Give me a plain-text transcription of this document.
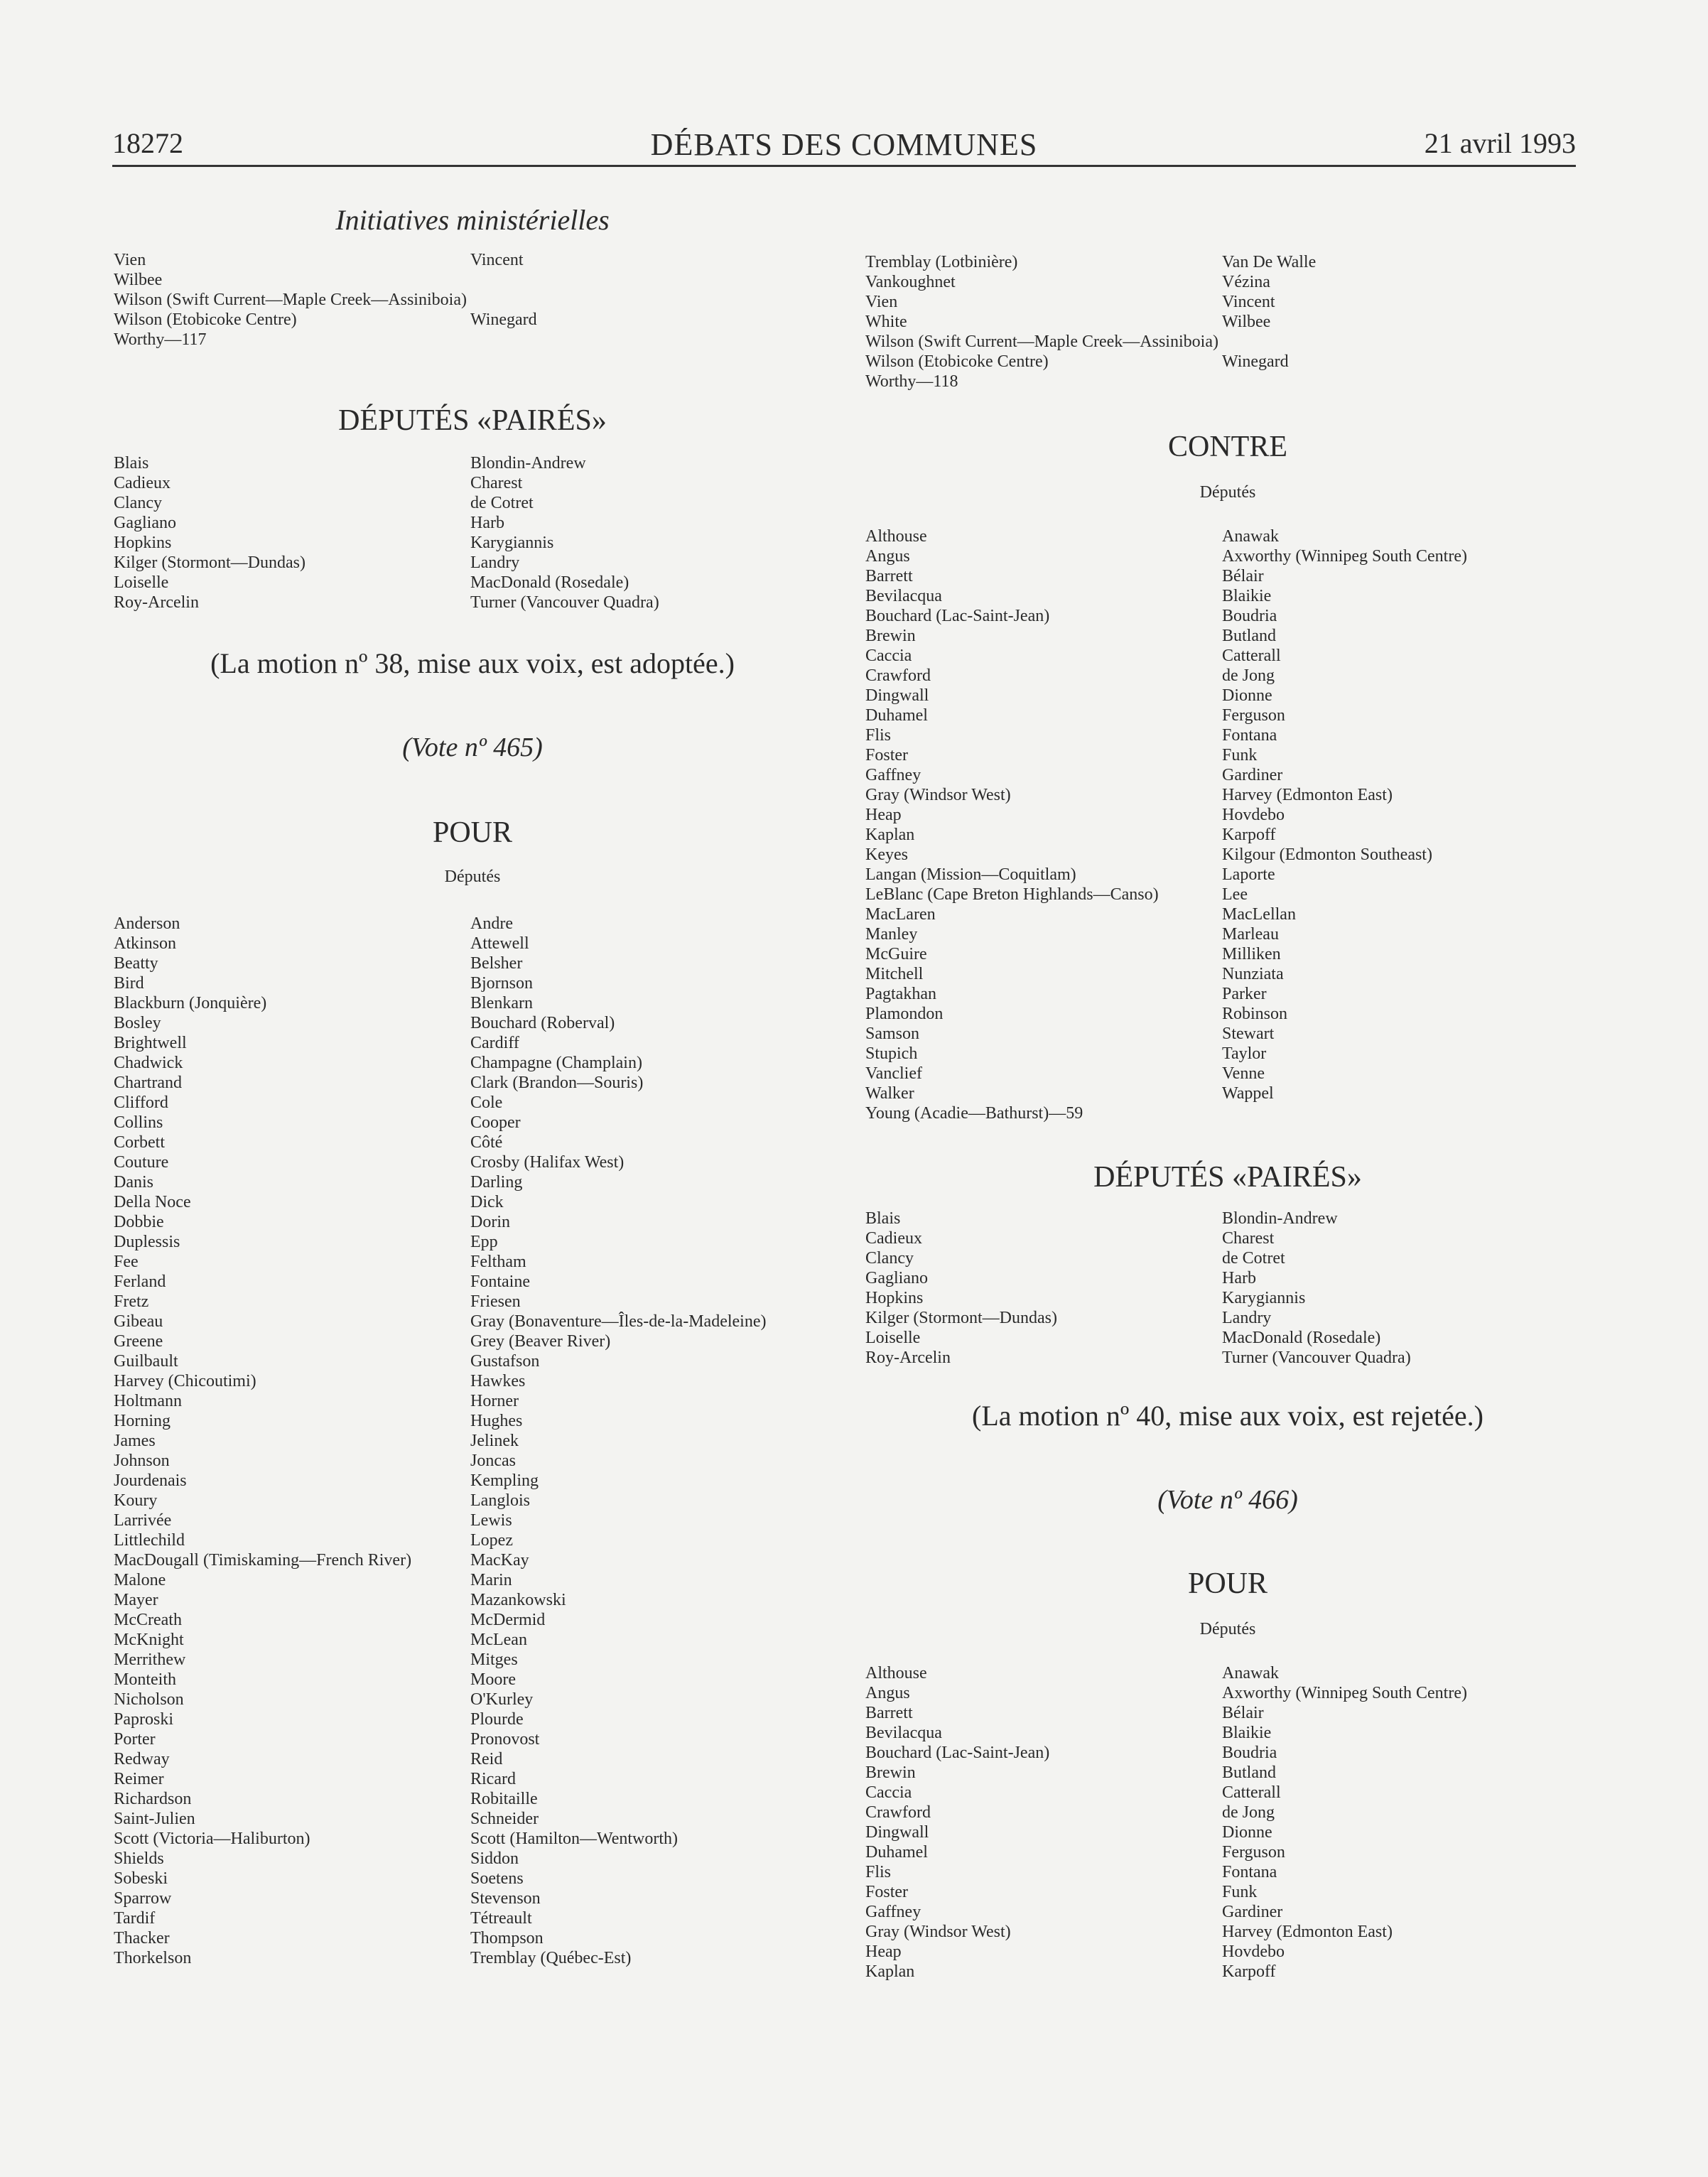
18272	DÉBATS DES COMMUNES	21 avril 1993
Initiatives ministérielles
Vien	Vincent
Wilbee
Wilson (Swift Current—Maple Creek—Assiniboia)
Wilson (Etobicoke Centre)	Winegard
Worthy—117
DÉPUTÉS «PAIRÉS»
Blais	Blondin-Andrew
Cadieux	Charest
Clancy	de Cotret
Gagliano	Harb
Hopkins	Karygiannis
Kilger (Stormont—Dundas)	Landry
Loiselle	MacDonald (Rosedale)
Roy-Arcelin	Turner (Vancouver Quadra)
(La motion nº 38, mise aux voix, est adoptée.)
(Vote nº 465)
POUR
Députés
Anderson	Andre
Atkinson	Attewell
Beatty	Belsher
Bird	Bjornson
Blackburn (Jonquière)	Blenkarn
Bosley	Bouchard (Roberval)
Brightwell	Cardiff
Chadwick	Champagne (Champlain)
Chartrand	Clark (Brandon—Souris)
Clifford	Cole
Collins	Cooper
Corbett	Côté
Couture	Crosby (Halifax West)
Danis	Darling
Della Noce	Dick
Dobbie	Dorin
Duplessis	Epp
Fee	Feltham
Ferland	Fontaine
Fretz	Friesen
Gibeau	Gray (Bonaventure—Îles-de-la-Madeleine)
Greene	Grey (Beaver River)
Guilbault	Gustafson
Harvey (Chicoutimi)	Hawkes
Holtmann	Horner
Horning	Hughes
James	Jelinek
Johnson	Joncas
Jourdenais	Kempling
Koury	Langlois
Larrivée	Lewis
Littlechild	Lopez
MacDougall (Timiskaming—French River)	MacKay
Malone	Marin
Mayer	Mazankowski
McCreath	McDermid
McKnight	McLean
Merrithew	Mitges
Monteith	Moore
Nicholson	O'Kurley
Paproski	Plourde
Porter	Pronovost
Redway	Reid
Reimer	Ricard
Richardson	Robitaille
Saint-Julien	Schneider
Scott (Victoria—Haliburton)	Scott (Hamilton—Wentworth)
Shields	Siddon
Sobeski	Soetens
Sparrow	Stevenson
Tardif	Tétreault
Thacker	Thompson
Thorkelson	Tremblay (Québec-Est)
Tremblay (Lotbinière)	Van De Walle
Vankoughnet	Vézina
Vien	Vincent
White	Wilbee
Wilson (Swift Current—Maple Creek—Assiniboia)
Wilson (Etobicoke Centre)	Winegard
Worthy—118
CONTRE
Députés
Althouse	Anawak
Angus	Axworthy (Winnipeg South Centre)
Barrett	Bélair
Bevilacqua	Blaikie
Bouchard (Lac-Saint-Jean)	Boudria
Brewin	Butland
Caccia	Catterall
Crawford	de Jong
Dingwall	Dionne
Duhamel	Ferguson
Flis	Fontana
Foster	Funk
Gaffney	Gardiner
Gray (Windsor West)	Harvey (Edmonton East)
Heap	Hovdebo
Kaplan	Karpoff
Keyes	Kilgour (Edmonton Southeast)
Langan (Mission—Coquitlam)	Laporte
LeBlanc (Cape Breton Highlands—Canso)	Lee
MacLaren	MacLellan
Manley	Marleau
McGuire	Milliken
Mitchell	Nunziata
Pagtakhan	Parker
Plamondon	Robinson
Samson	Stewart
Stupich	Taylor
Vanclief	Venne
Walker	Wappel
Young (Acadie—Bathurst)—59
DÉPUTÉS «PAIRÉS»
Blais	Blondin-Andrew
Cadieux	Charest
Clancy	de Cotret
Gagliano	Harb
Hopkins	Karygiannis
Kilger (Stormont—Dundas)	Landry
Loiselle	MacDonald (Rosedale)
Roy-Arcelin	Turner (Vancouver Quadra)
(La motion nº 40, mise aux voix, est rejetée.)
(Vote nº 466)
POUR
Députés
Althouse	Anawak
Angus	Axworthy (Winnipeg South Centre)
Barrett	Bélair
Bevilacqua	Blaikie
Bouchard (Lac-Saint-Jean)	Boudria
Brewin	Butland
Caccia	Catterall
Crawford	de Jong
Dingwall	Dionne
Duhamel	Ferguson
Flis	Fontana
Foster	Funk
Gaffney	Gardiner
Gray (Windsor West)	Harvey (Edmonton East)
Heap	Hovdebo
Kaplan	Karpoff
